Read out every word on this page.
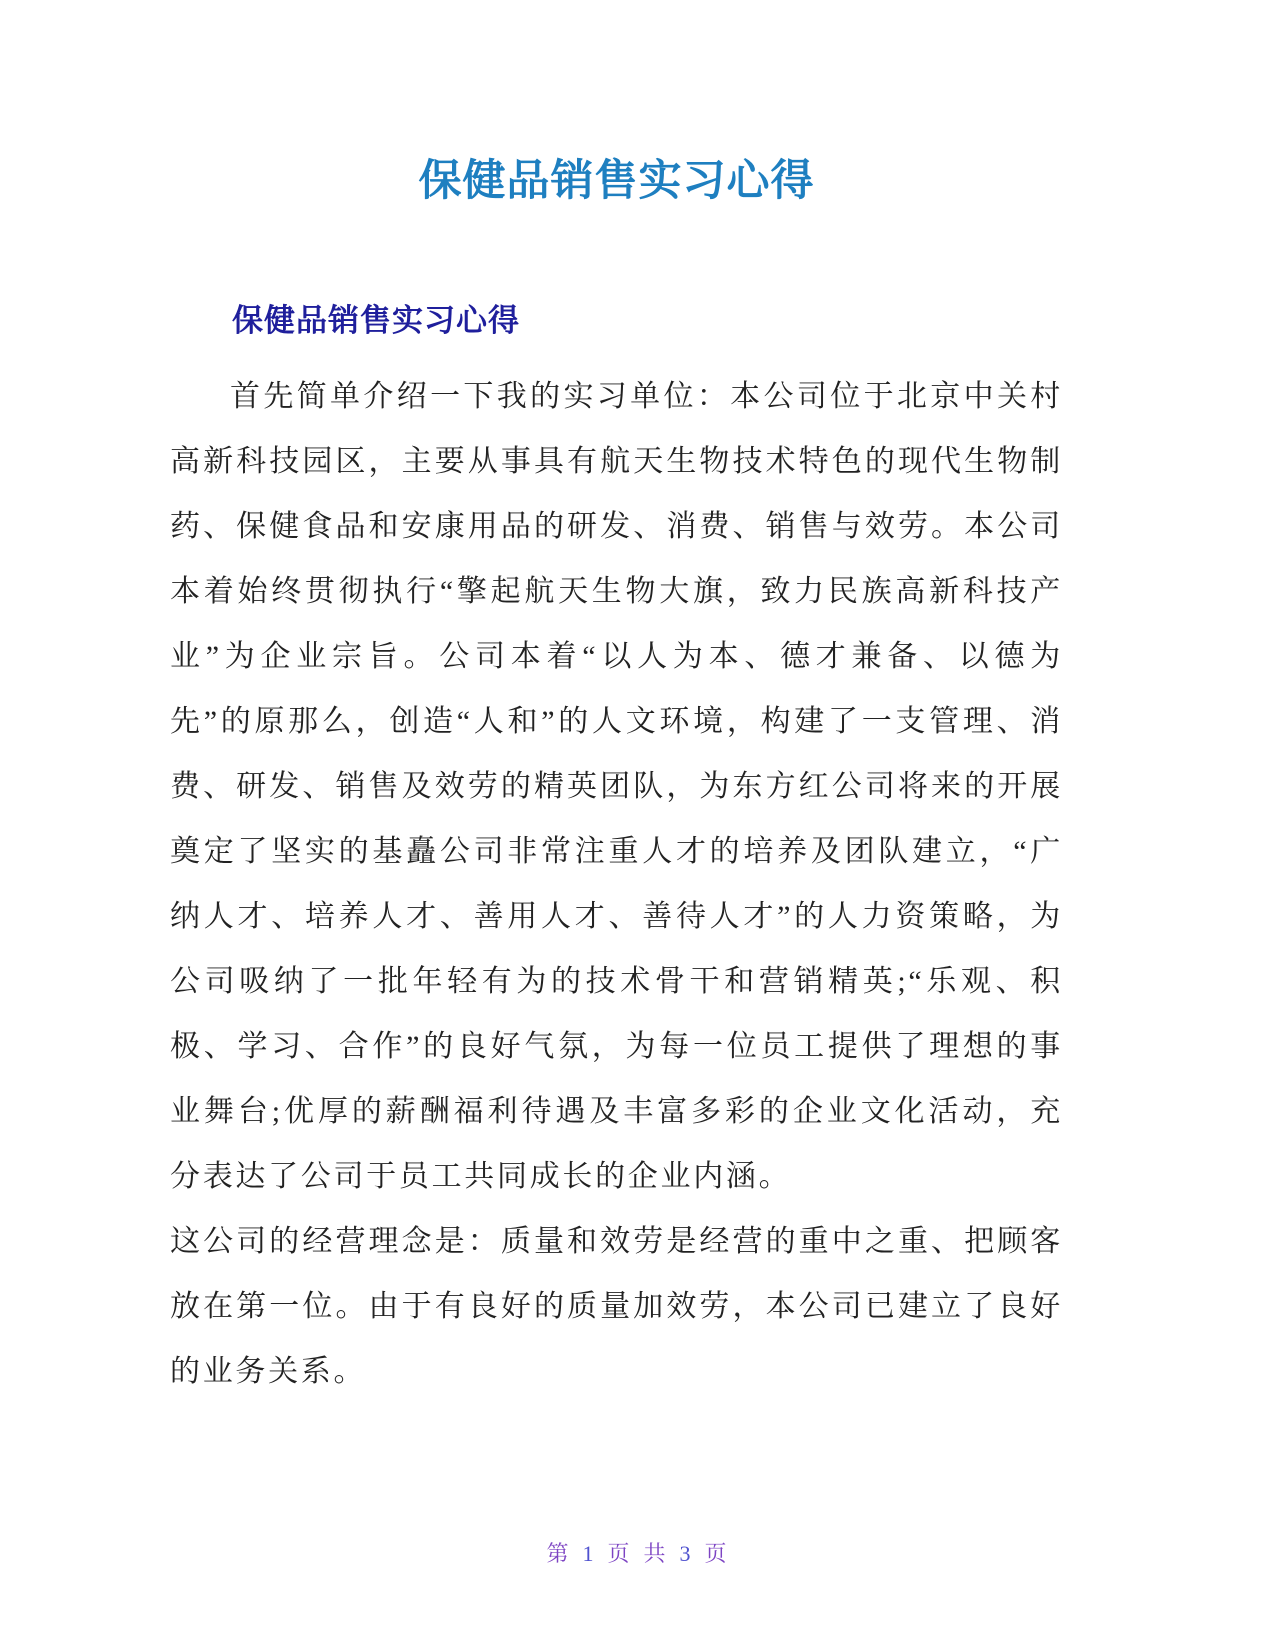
保健品销售实习心得
保健品销售实习心得

首先简单介绍一下我的实习单位：本公司位于北京中关村高新科技园区，主要从事具有航天生物技术特色的现代生物制药、保健食品和安康用品的研发、消费、销售与效劳。本公司本着始终贯彻执行“擎起航天生物大旗，致力民族高新科技产业”为企业宗旨。公司本着“以人为本、德才兼备、以德为先”的原那么，创造“人和”的人文环境，构建了一支管理、消费、研发、销售及效劳的精英团队，为东方红公司将来的开展奠定了坚实的基矗公司非常注重人才的培养及团队建立，“广纳人才、培养人才、善用人才、善待人才”的人力资策略，为公司吸纳了一批年轻有为的技术骨干和营销精英;“乐观、积极、学习、合作”的良好气氛，为每一位员工提供了理想的事业舞台;优厚的薪酬福利待遇及丰富多彩的企业文化活动，充分表达了公司于员工共同成长的企业内涵。

这公司的经营理念是：质量和效劳是经营的重中之重、把顾客放在第一位。由于有良好的质量加效劳，本公司已建立了良好的业务关系。

第 1 页 共 3 页
